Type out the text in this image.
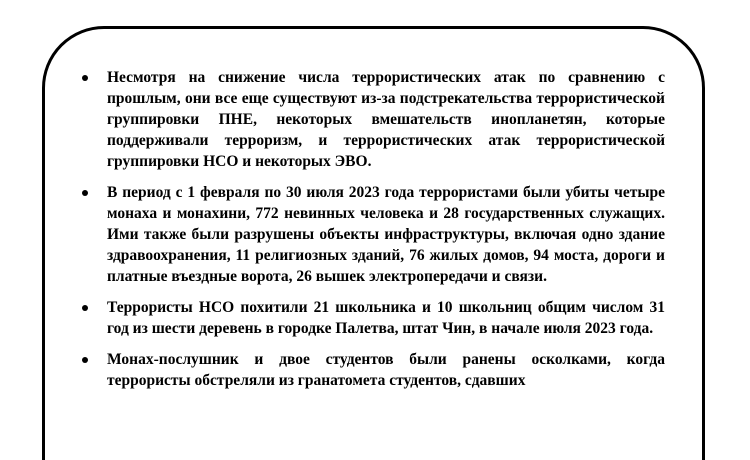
Несмотря на снижение числа террористических атак по сравнению с прошлым, они все еще существуют из-за подстрекательства террористической группировки ПНЕ, некоторых вмешательств инопланетян, которые поддерживали терроризм, и террористических атак террористической группировки НСО и некоторых ЭВО.
В период с 1 февраля по 30 июля 2023 года террористами были убиты четыре монаха и монахини, 772 невинных человека и 28 государственных служащих. Ими также были разрушены объекты инфраструктуры, включая одно здание здравоохранения, 11 религиозных зданий, 76 жилых домов, 94 моста, дороги и платные въездные ворота, 26 вышек электропередачи и связи.
Террористы НСО похитили 21 школьника и 10 школьниц общим числом 31 год из шести деревень в городке Палетва, штат Чин, в начале июля 2023 года.
Монах-послушник и двое студентов были ранены осколками, когда террористы обстреляли из гранатомета студентов, сдавших
